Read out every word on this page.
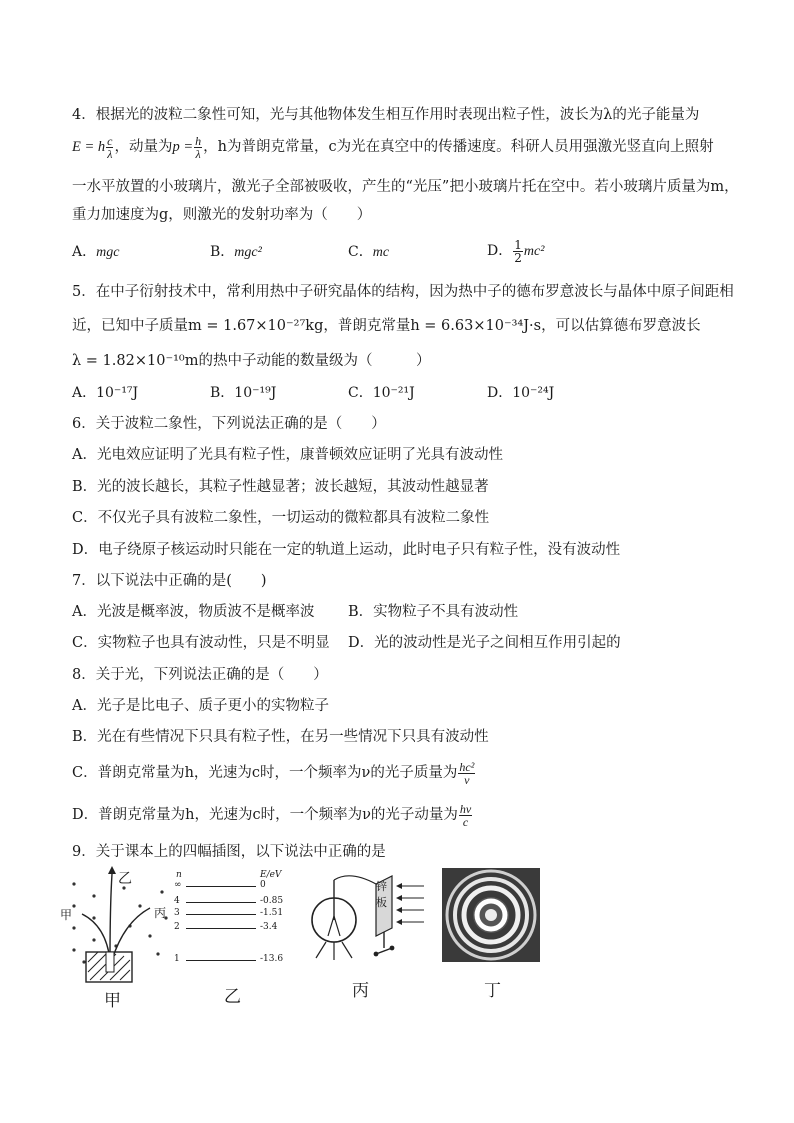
4．根据光的波粒二象性可知，光与其他物体发生相互作用时表现出粒子性，波长为λ的光子能量为
E = h $\frac{c}{\lambda}$ ，动量为$p = \frac{h}{\lambda}$ ，h为普朗克常量，c为光在真空中的传播速度。科研人员用强激光竖直向上照射
一水平放置的小玻璃片，激光子全部被吸收，产生的“光压”把小玻璃片托在空中。若小玻璃片质量为m，
重力加速度为g，则激光的发射功率为（　　）
A．mgc	B．mgc²	C．mc	D． $\frac{1}{2} mc^2$
5．在中子衍射技术中，常利用热中子研究晶体的结构，因为热中子的德布罗意波长与晶体中原子间距相
近，已知中子质量m = 1.67×10⁻²⁷kg，普朗克常量h = 6.63×10⁻³⁴J·s，可以估算德布罗意波长
λ = 1.82×10⁻¹⁰m的热中子动能的数量级为（　　　）
A．10⁻¹⁷J	B．10⁻¹⁹J	C．10⁻²¹J	D．10⁻²⁴J
6．关于波粒二象性，下列说法正确的是（　　）
A．光电效应证明了光具有粒子性，康普顿效应证明了光具有波动性
B．光的波长越长，其粒子性越显著；波长越短，其波动性越显著
C．不仅光子具有波粒二象性，一切运动的微粒都具有波粒二象性
D．电子绕原子核运动时只能在一定的轨道上运动，此时电子只有粒子性，没有波动性
7．以下说法中正确的是(　　)
A．光波是概率波，物质波不是概率波 B．实物粒子不具有波动性
C．实物粒子也具有波动性，只是不明显 D．光的波动性是光子之间相互作用引起的
8．关于光，下列说法正确的是（　　）
A．光子是比电子、质子更小的实物粒子
B．光在有些情况下只具有粒子性，在另一些情况下只具有波动性
C．普朗克常量为h，光速为c时，一个频率为ν的光子质量为 $\frac{\text{hc²}}{\nu}$
D．普朗克常量为h，光速为c时，一个频率为ν的光子动量为 $\frac{h\nu}{c}$
9．关于课本上的四幅插图，以下说法中正确的是
乙
甲	丙
甲
n	E/eV
∞	0
4	-0.85
3	-1.51
2	-3.4
1	-13.6
乙
锌
板
丙	丁
